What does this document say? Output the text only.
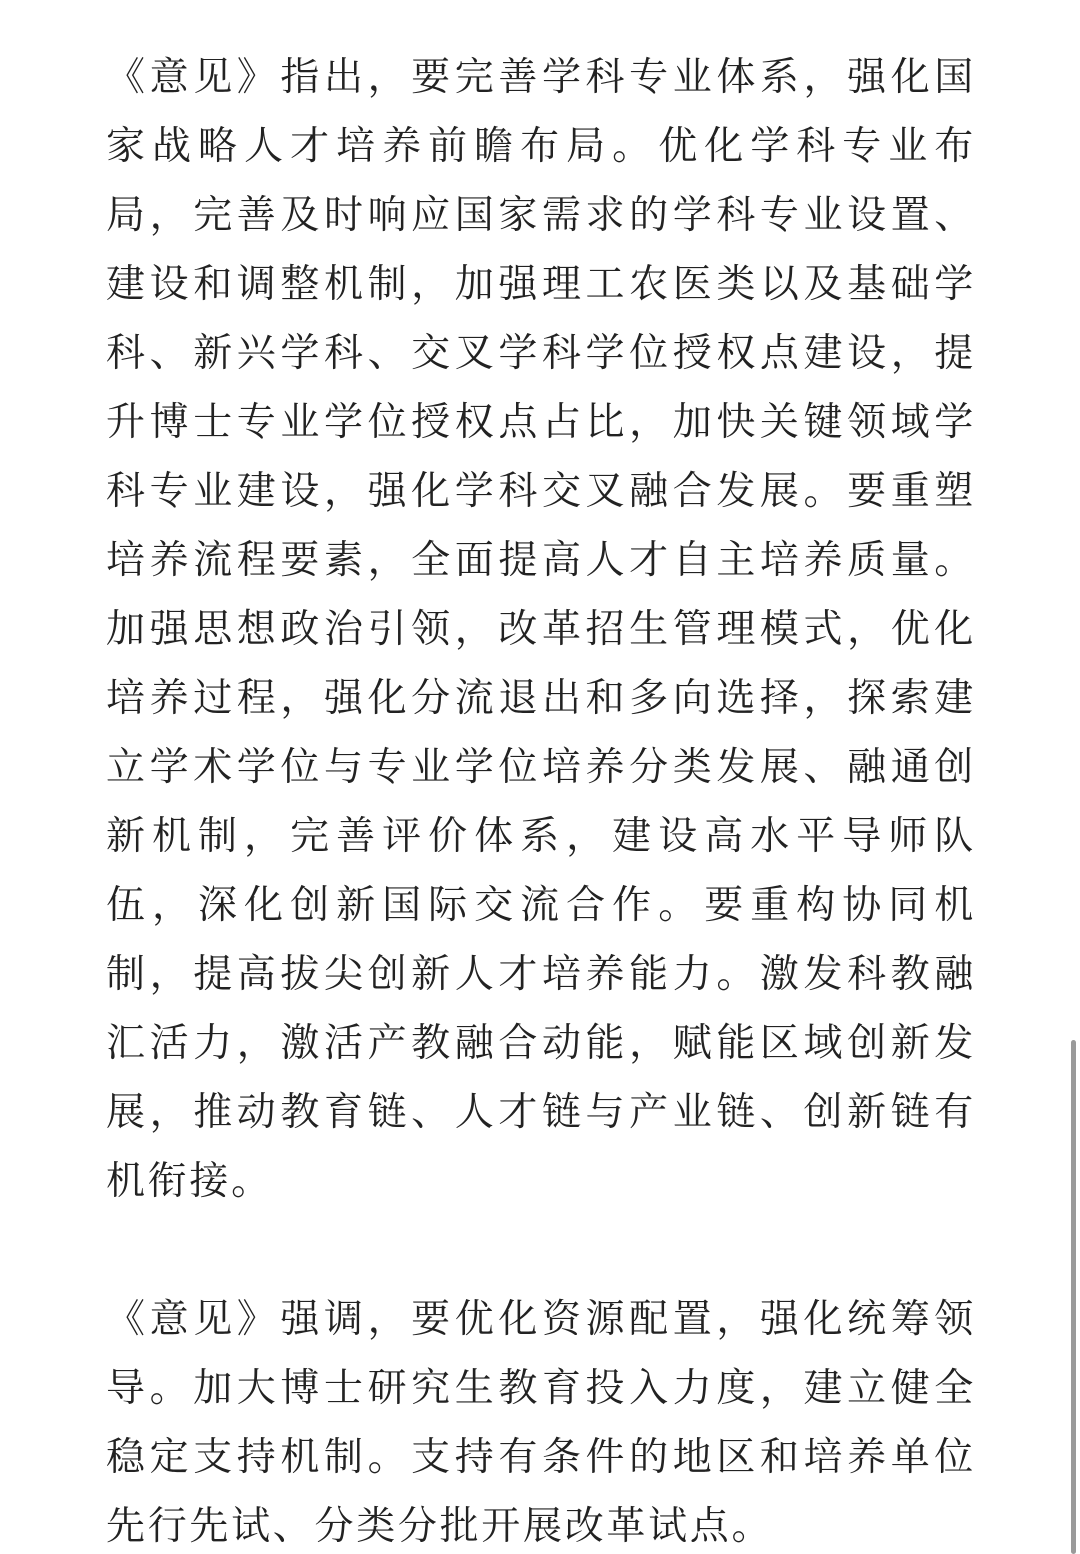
《意见》指出，要完善学科专业体系，强化国家战略人才培养前瞻布局。优化学科专业布局，完善及时响应国家需求的学科专业设置、建设和调整机制，加强理工农医类以及基础学科、新兴学科、交叉学科学位授权点建设，提升博士专业学位授权点占比，加快关键领域学科专业建设，强化学科交叉融合发展。要重塑培养流程要素，全面提高人才自主培养质量。加强思想政治引领，改革招生管理模式，优化培养过程，强化分流退出和多向选择，探索建立学术学位与专业学位培养分类发展、融通创新机制，完善评价体系，建设高水平导师队伍，深化创新国际交流合作。要重构协同机制，提高拔尖创新人才培养能力。激发科教融汇活力，激活产教融合动能，赋能区域创新发展，推动教育链、人才链与产业链、创新链有机衔接。

《意见》强调，要优化资源配置，强化统筹领导。加大博士研究生教育投入力度，建立健全稳定支持机制。支持有条件的地区和培养单位先行先试、分类分批开展改革试点。
